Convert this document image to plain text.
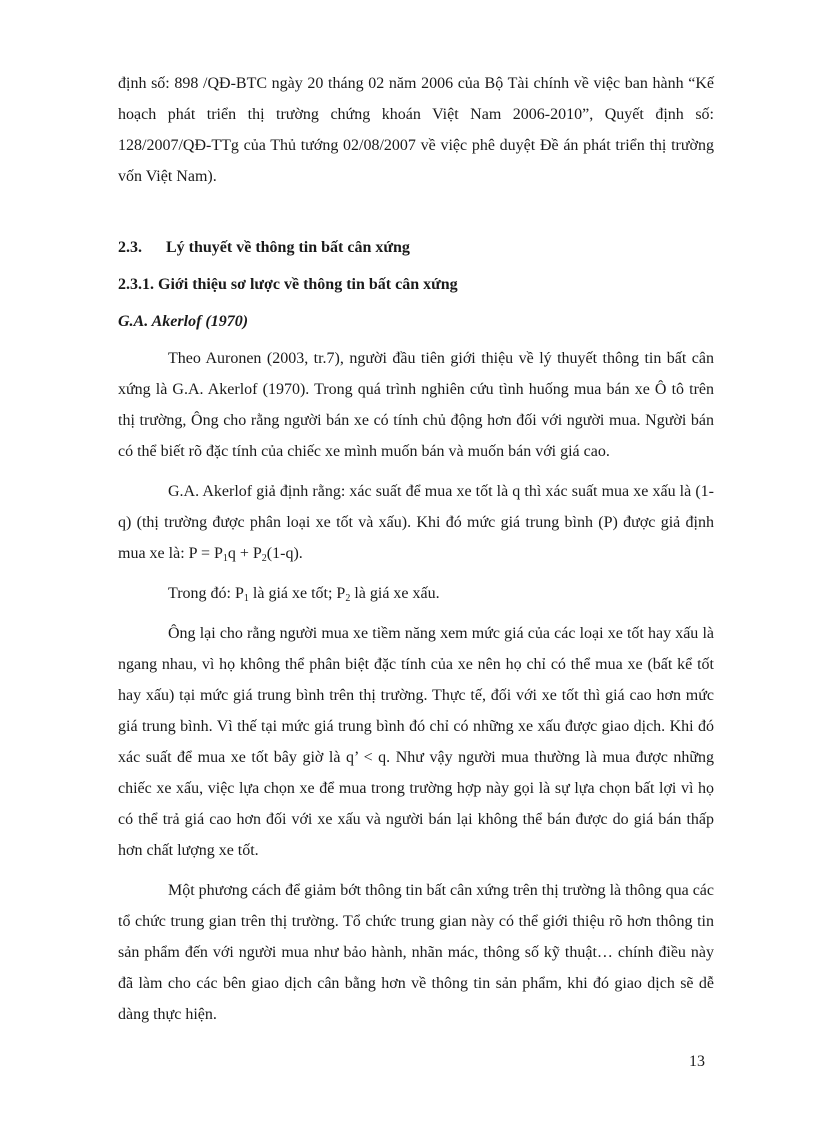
định số: 898 /QĐ-BTC ngày 20 tháng 02 năm 2006 của Bộ Tài chính về việc ban hành “Kế hoạch phát triển thị trường chứng khoán Việt Nam 2006-2010”, Quyết định số: 128/2007/QĐ-TTg của Thủ tướng 02/08/2007 về việc phê duyệt Đề án phát triển thị trường vốn Việt Nam).

2.3. Lý thuyết về thông tin bất cân xứng

2.3.1. Giới thiệu sơ lược về thông tin bất cân xứng

G.A. Akerlof (1970)

Theo Auronen (2003, tr.7), người đầu tiên giới thiệu về lý thuyết thông tin bất cân xứng là G.A. Akerlof (1970). Trong quá trình nghiên cứu tình huống mua bán xe Ô tô trên thị trường, Ông cho rằng người bán xe có tính chủ động hơn đối với người mua. Người bán có thể biết rõ đặc tính của chiếc xe mình muốn bán và muốn bán với giá cao.

G.A. Akerlof giả định rằng: xác suất để mua xe tốt là q thì xác suất mua xe xấu là (1-q) (thị trường được phân loại xe tốt và xấu). Khi đó mức giá trung bình (P) được giả định mua xe là: $P = P_1q + P_2(1-q)$.

Trong đó: $P_1$ là giá xe tốt; $P_2$ là giá xe xấu.

Ông lại cho rằng người mua xe tiềm năng xem mức giá của các loại xe tốt hay xấu là ngang nhau, vì họ không thể phân biệt đặc tính của xe nên họ chỉ có thể mua xe (bất kể tốt hay xấu) tại mức giá trung bình trên thị trường. Thực tế, đối với xe tốt thì giá cao hơn mức giá trung bình. Vì thế tại mức giá trung bình đó chỉ có những xe xấu được giao dịch. Khi đó xác suất để mua xe tốt bây giờ là q’ < q. Như vậy người mua thường là mua được những chiếc xe xấu, việc lựa chọn xe để mua trong trường hợp này gọi là sự lựa chọn bất lợi vì họ có thể trả giá cao hơn đối với xe xấu và người bán lại không thể bán được do giá bán thấp hơn chất lượng xe tốt.

Một phương cách để giảm bớt thông tin bất cân xứng trên thị trường là thông qua các tổ chức trung gian trên thị trường. Tổ chức trung gian này có thể giới thiệu rõ hơn thông tin sản phẩm đến với người mua như bảo hành, nhãn mác, thông số kỹ thuật… chính điều này đã làm cho các bên giao dịch cân bằng hơn về thông tin sản phẩm, khi đó giao dịch sẽ dễ dàng thực hiện.

13
